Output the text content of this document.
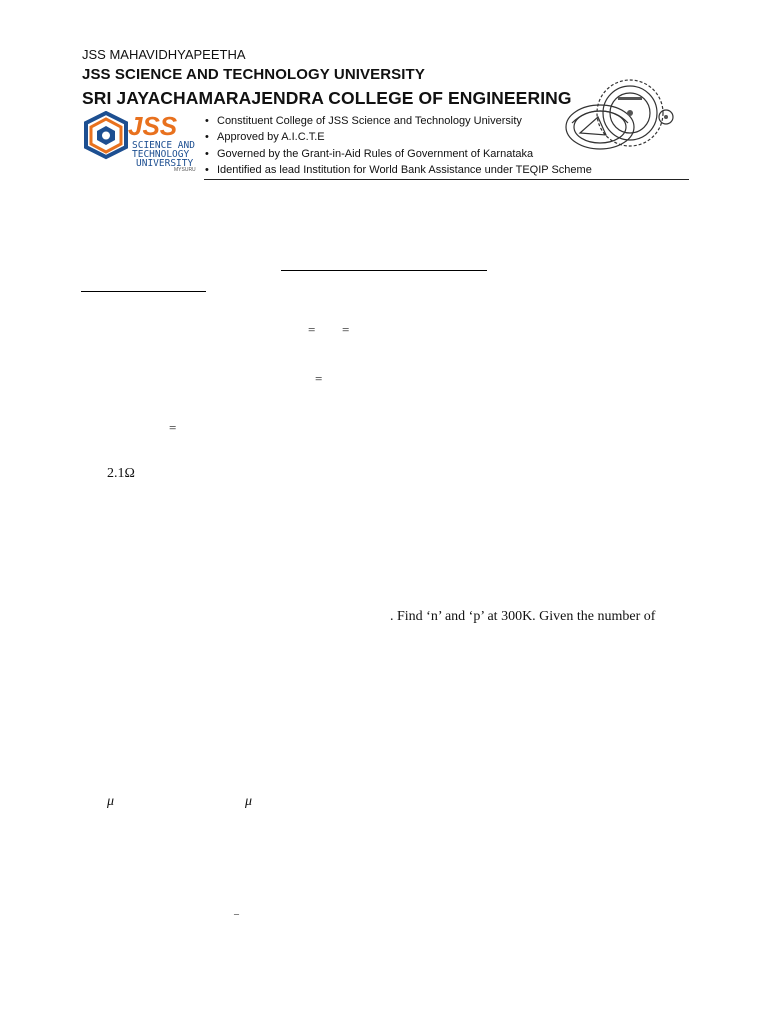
JSS MAHAVIDHYAPEETHA
JSS SCIENCE AND TECHNOLOGY UNIVERSITY
SRI JAYACHAMARAJENDRA COLLEGE OF ENGINEERING
JSS
SCIENCE AND
TECHNOLOGY
UNIVERSITY
MYSURU
• Constituent College of JSS Science and Technology University
• Approved by A.I.C.T.E
• Governed by the Grant-in-Aid Rules of Government of Karnataka
• Identified as lead Institution for World Bank Assistance under TEQIP Scheme
= =
=
=
2.1Ω
. Find ‘n’ and ‘p’ at 300K. Given the number of
μ	μ
–
